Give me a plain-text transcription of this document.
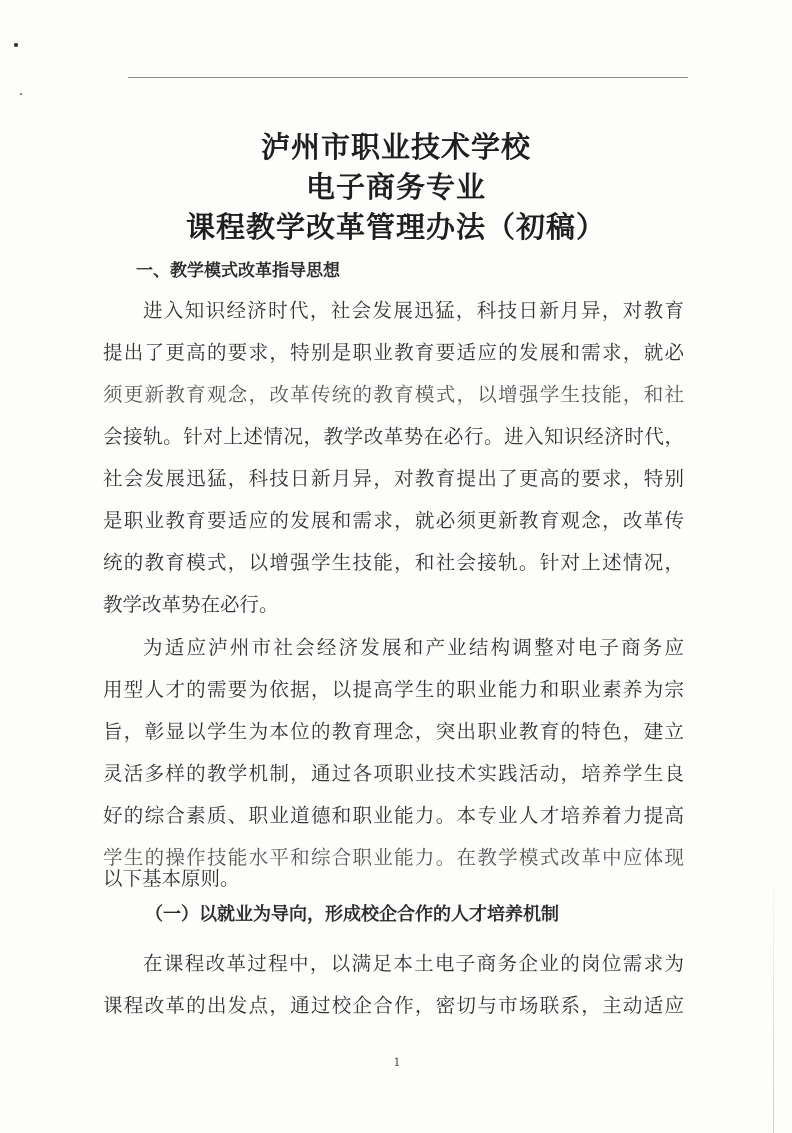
泸州市职业技术学校
电子商务专业
课程教学改革管理办法（初稿）
一、教学模式改革指导思想
进入知识经济时代，社会发展迅猛，科技日新月异，对教育
提出了更高的要求，特别是职业教育要适应的发展和需求，就必
须更新教育观念，改革传统的教育模式，以增强学生技能，和社
会接轨。针对上述情况，教学改革势在必行。进入知识经济时代，
社会发展迅猛，科技日新月异，对教育提出了更高的要求，特别
是职业教育要适应的发展和需求，就必须更新教育观念，改革传
统的教育模式，以增强学生技能，和社会接轨。针对上述情况，
教学改革势在必行。
为适应泸州市社会经济发展和产业结构调整对电子商务应
用型人才的需要为依据，以提高学生的职业能力和职业素养为宗
旨，彰显以学生为本位的教育理念，突出职业教育的特色，建立
灵活多样的教学机制，通过各项职业技术实践活动，培养学生良
好的综合素质、职业道德和职业能力。本专业人才培养着力提高
学生的操作技能水平和综合职业能力。在教学模式改革中应体现
以下基本原则。
（一）以就业为导向，形成校企合作的人才培养机制
在课程改革过程中，以满足本土电子商务企业的岗位需求为
课程改革的出发点，通过校企合作，密切与市场联系，主动适应
1
